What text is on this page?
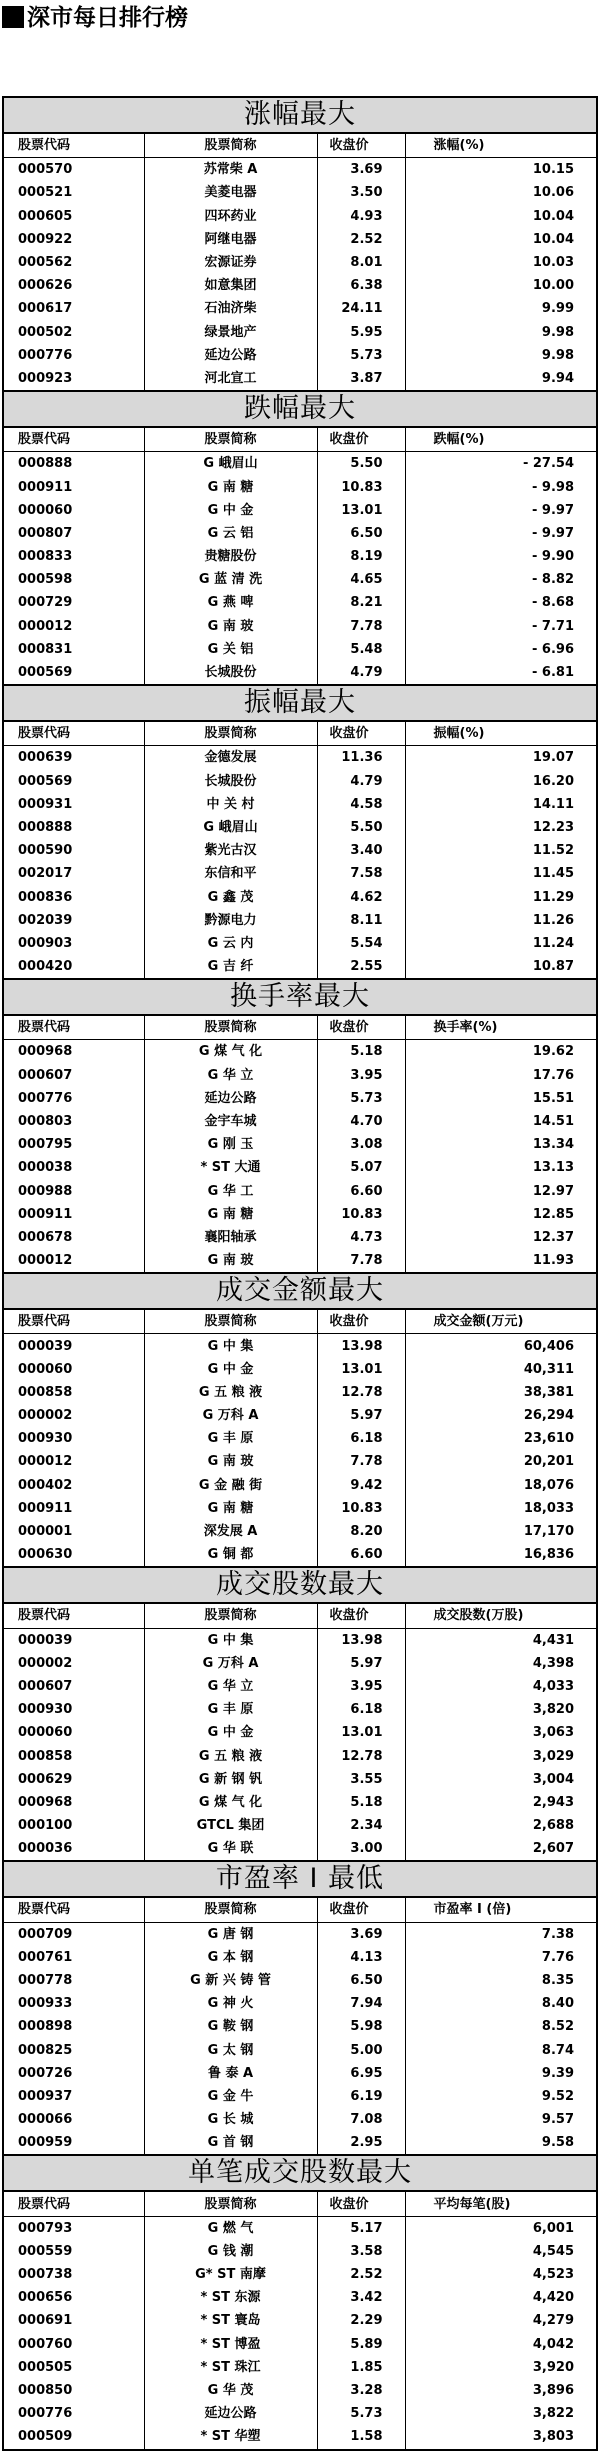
深市每日排行榜
涨幅最大
股票代码	股票简称	收盘价	涨幅(%)
000570	苏常柴 A	3.69	10.15
000521	美菱电器	3.50	10.06
000605	四环药业	4.93	10.04
000922	阿继电器	2.52	10.04
000562	宏源证券	8.01	10.03
000626	如意集团	6.38	10.00
000617	石油济柴	24.11	9.99
000502	绿景地产	5.95	9.98
000776	延边公路	5.73	9.98
000923	河北宣工	3.87	9.94
跌幅最大
股票代码	股票简称	收盘价	跌幅(%)
000888	G 峨眉山	5.50	- 27.54
000911	G 南 糖	10.83	- 9.98
000060	G 中 金	13.01	- 9.97
000807	G 云 铝	6.50	- 9.97
000833	贵糖股份	8.19	- 9.90
000598	G 蓝 清 洗	4.65	- 8.82
000729	G 燕 啤	8.21	- 8.68
000012	G 南 玻	7.78	- 7.71
000831	G 关 铝	5.48	- 6.96
000569	长城股份	4.79	- 6.81
振幅最大
股票代码	股票简称	收盘价	振幅(%)
000639	金德发展	11.36	19.07
000569	长城股份	4.79	16.20
000931	中 关 村	4.58	14.11
000888	G 峨眉山	5.50	12.23
000590	紫光古汉	3.40	11.52
002017	东信和平	7.58	11.45
000836	G 鑫 茂	4.62	11.29
002039	黔源电力	8.11	11.26
000903	G 云 内	5.54	11.24
000420	G 吉 纤	2.55	10.87
换手率最大
股票代码	股票简称	收盘价	换手率(%)
000968	G 煤 气 化	5.18	19.62
000607	G 华 立	3.95	17.76
000776	延边公路	5.73	15.51
000803	金宇车城	4.70	14.51
000795	G 刚 玉	3.08	13.34
000038	* ST 大通	5.07	13.13
000988	G 华 工	6.60	12.97
000911	G 南 糖	10.83	12.85
000678	襄阳轴承	4.73	12.37
000012	G 南 玻	7.78	11.93
成交金额最大
股票代码	股票简称	收盘价	成交金额(万元)
000039	G 中 集	13.98	60,406
000060	G 中 金	13.01	40,311
000858	G 五 粮 液	12.78	38,381
000002	G 万科 A	5.97	26,294
000930	G 丰 原	6.18	23,610
000012	G 南 玻	7.78	20,201
000402	G 金 融 街	9.42	18,076
000911	G 南 糖	10.83	18,033
000001	深发展 A	8.20	17,170
000630	G 铜 都	6.60	16,836
成交股数最大
股票代码	股票简称	收盘价	成交股数(万股)
000039	G 中 集	13.98	4,431
000002	G 万科 A	5.97	4,398
000607	G 华 立	3.95	4,033
000930	G 丰 原	6.18	3,820
000060	G 中 金	13.01	3,063
000858	G 五 粮 液	12.78	3,029
000629	G 新 钢 钒	3.55	3,004
000968	G 煤 气 化	5.18	2,943
000100	GTCL 集团	2.34	2,688
000036	G 华 联	3.00	2,607
市盈率 I 最低
股票代码	股票简称	收盘价	市盈率 I (倍)
000709	G 唐 钢	3.69	7.38
000761	G 本 钢	4.13	7.76
000778	G 新 兴 铸 管	6.50	8.35
000933	G 神 火	7.94	8.40
000898	G 鞍 钢	5.98	8.52
000825	G 太 钢	5.00	8.74
000726	鲁 泰 A	6.95	9.39
000937	G 金 牛	6.19	9.52
000066	G 长 城	7.08	9.57
000959	G 首 钢	2.95	9.58
单笔成交股数最大
股票代码	股票简称	收盘价	平均每笔(股)
000793	G 燃 气	5.17	6,001
000559	G 钱 潮	3.58	4,545
000738	G* ST 南摩	2.52	4,523
000656	* ST 东源	3.42	4,420
000691	* ST 寰岛	2.29	4,279
000760	* ST 博盈	5.89	4,042
000505	* ST 珠江	1.85	3,920
000850	G 华 茂	3.28	3,896
000776	延边公路	5.73	3,822
000509	* ST 华塑	1.58	3,803
